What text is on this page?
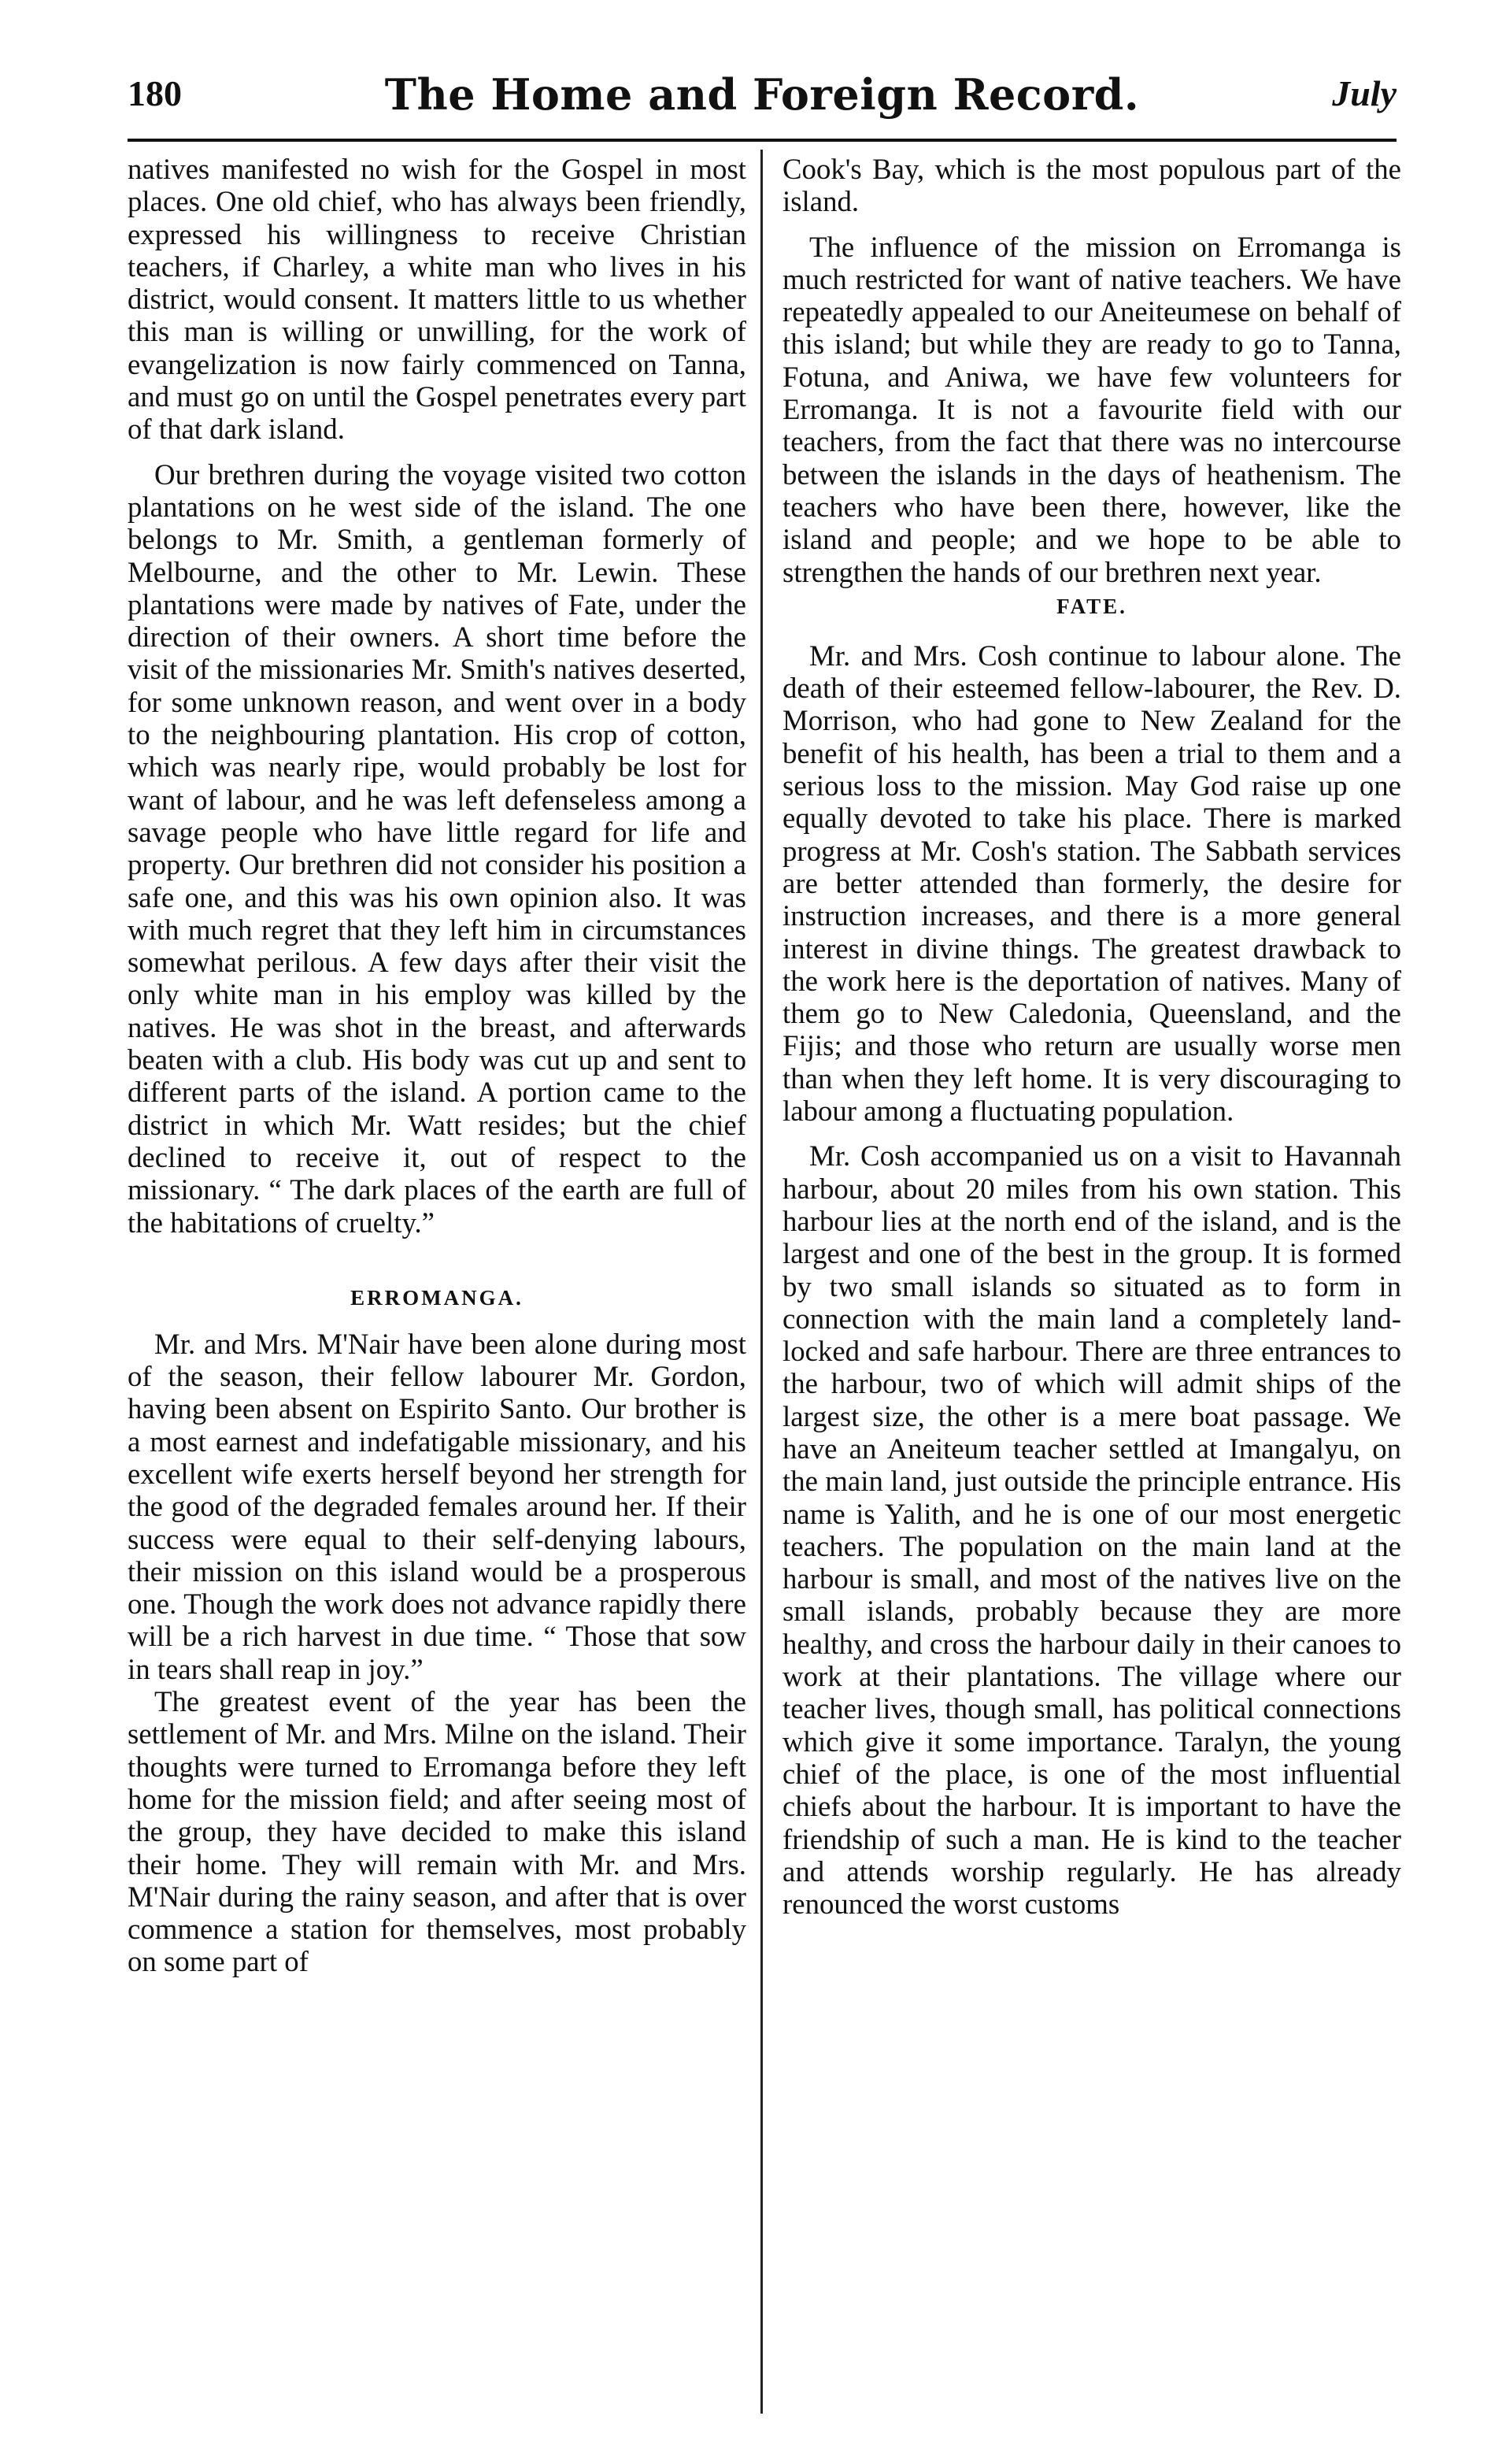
180	The Home and Foreign Record.	July

natives manifested no wish for the Gospel in most places. One old chief, who has always been friendly, expressed his willingness to receive Christian teachers, if Charley, a white man who lives in his district, would consent. It matters little to us whether this man is willing or unwilling, for the work of evangelization is now fairly commenced on Tanna, and must go on until the Gospel penetrates every part of that dark island.

Our brethren during the voyage visited two cotton plantations on he west side of the island. The one belongs to Mr. Smith, a gentleman formerly of Melbourne, and the other to Mr. Lewin. These plantations were made by natives of Fate, under the direction of their owners. A short time before the visit of the missionaries Mr. Smith's natives deserted, for some unknown reason, and went over in a body to the neighbouring plantation. His crop of cotton, which was nearly ripe, would probably be lost for want of labour, and he was left defenseless among a savage people who have little regard for life and property. Our brethren did not consider his position a safe one, and this was his own opinion also. It was with much regret that they left him in circumstances somewhat perilous. A few days after their visit the only white man in his employ was killed by the natives. He was shot in the breast, and afterwards beaten with a club. His body was cut up and sent to different parts of the island. A portion came to the district in which Mr. Watt resides; but the chief declined to receive it, out of respect to the missionary. “ The dark places of the earth are full of the habitations of cruelty.”

ERROMANGA.

Mr. and Mrs. M'Nair have been alone during most of the season, their fellow labourer Mr. Gordon, having been absent on Espirito Santo. Our brother is a most earnest and indefatigable missionary, and his excellent wife exerts herself beyond her strength for the good of the degraded females around her. If their success were equal to their self-denying labours, their mission on this island would be a prosperous one. Though the work does not advance rapidly there will be a rich harvest in due time. “ Those that sow in tears shall reap in joy.”

The greatest event of the year has been the settlement of Mr. and Mrs. Milne on the island. Their thoughts were turned to Erromanga before they left home for the mission field; and after seeing most of the group, they have decided to make this island their home. They will remain with Mr. and Mrs. M'Nair during the rainy season, and after that is over commence a station for themselves, most probably on some part of

Cook's Bay, which is the most populous part of the island.

The influence of the mission on Erromanga is much restricted for want of native teachers. We have repeatedly appealed to our Aneiteumese on behalf of this island; but while they are ready to go to Tanna, Fotuna, and Aniwa, we have few volunteers for Erromanga. It is not a favourite field with our teachers, from the fact that there was no intercourse between the islands in the days of heathenism. The teachers who have been there, however, like the island and people; and we hope to be able to strengthen the hands of our brethren next year.

FATE.

Mr. and Mrs. Cosh continue to labour alone. The death of their esteemed fellow-labourer, the Rev. D. Morrison, who had gone to New Zealand for the benefit of his health, has been a trial to them and a serious loss to the mission. May God raise up one equally devoted to take his place. There is marked progress at Mr. Cosh's station. The Sabbath services are better attended than formerly, the desire for instruction increases, and there is a more general interest in divine things. The greatest drawback to the work here is the deportation of natives. Many of them go to New Caledonia, Queensland, and the Fijis; and those who return are usually worse men than when they left home. It is very discouraging to labour among a fluctuating population.

Mr. Cosh accompanied us on a visit to Havannah harbour, about 20 miles from his own station. This harbour lies at the north end of the island, and is the largest and one of the best in the group. It is formed by two small islands so situated as to form in connection with the main land a completely land-locked and safe harbour. There are three entrances to the harbour, two of which will admit ships of the largest size, the other is a mere boat passage. We have an Aneiteum teacher settled at Imangalyu, on the main land, just outside the principle entrance. His name is Yalith, and he is one of our most energetic teachers. The population on the main land at the harbour is small, and most of the natives live on the small islands, probably because they are more healthy, and cross the harbour daily in their canoes to work at their plantations. The village where our teacher lives, though small, has political connections which give it some importance. Taralyn, the young chief of the place, is one of the most influential chiefs about the harbour. It is important to have the friendship of such a man. He is kind to the teacher and attends worship regularly. He has already renounced the worst customs
